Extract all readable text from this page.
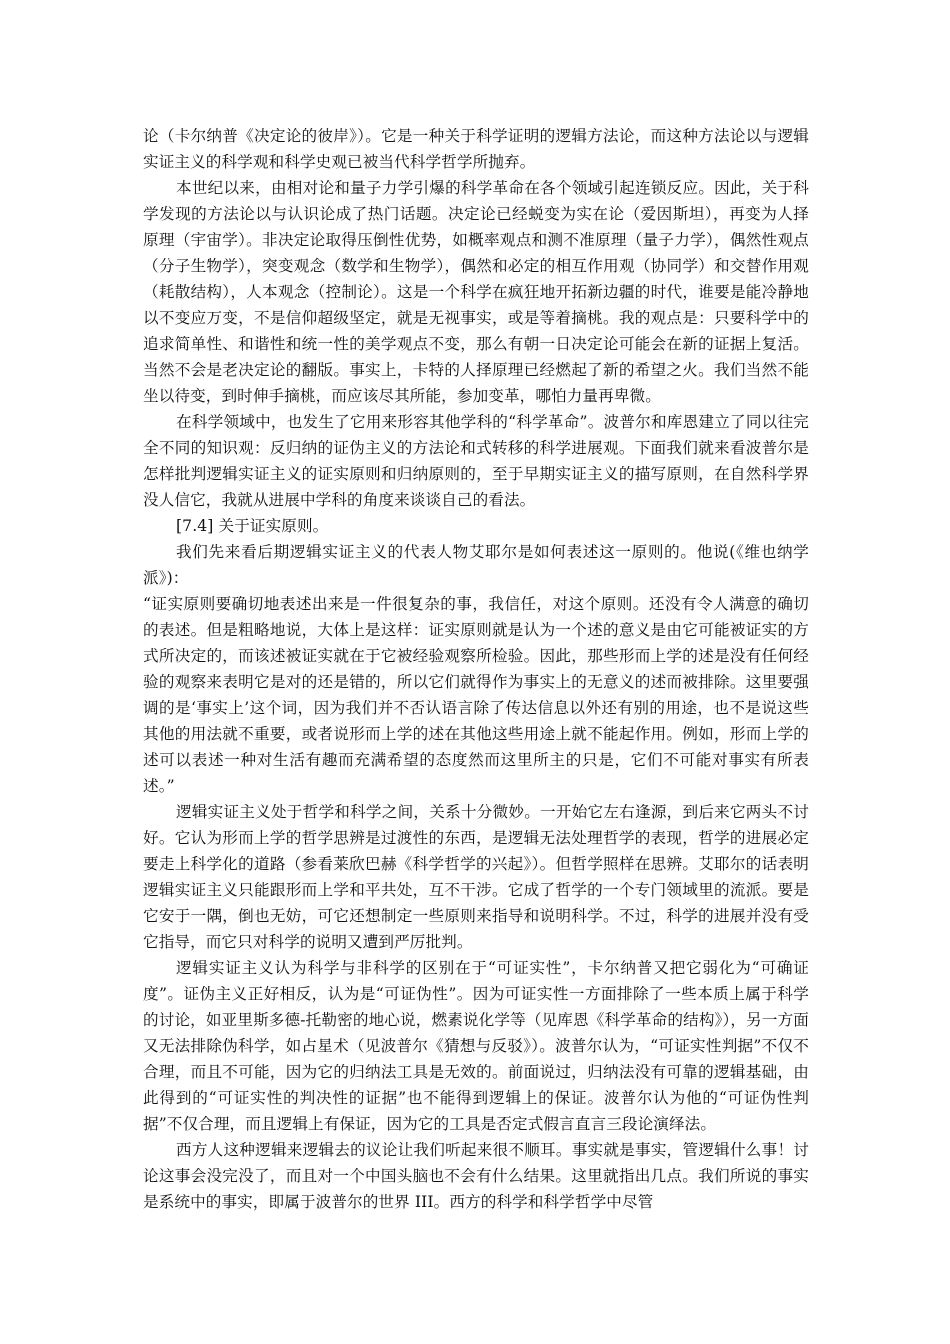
论（卡尔纳普《决定论的彼岸》）。它是一种关于科学证明的逻辑方法论，而这种方法论以与逻辑实证主义的科学观和科学史观已被当代科学哲学所抛弃。

本世纪以来，由相对论和量子力学引爆的科学革命在各个领域引起连锁反应。因此，关于科学发现的方法论以与认识论成了热门话题。决定论已经蜕变为实在论（爱因斯坦），再变为人择原理（宇宙学）。非决定论取得压倒性优势，如概率观点和测不准原理（量子力学），偶然性观点（分子生物学），突变观念（数学和生物学），偶然和必定的相互作用观（协同学）和交替作用观（耗散结构），人本观念（控制论）。这是一个科学在疯狂地开拓新边疆的时代，谁要是能冷静地以不变应万变，不是信仰超级坚定，就是无视事实，或是等着摘桃。我的观点是：只要科学中的追求简单性、和谐性和统一性的美学观点不变，那么有朝一日决定论可能会在新的证据上复活。当然不会是老决定论的翻版。事实上，卡特的人择原理已经燃起了新的希望之火。我们当然不能坐以待变，到时伸手摘桃，而应该尽其所能，参加变革，哪怕力量再卑微。

在科学领域中，也发生了它用来形容其他学科的“科学革命”。波普尔和库恩建立了同以往完全不同的知识观：反归纳的证伪主义的方法论和式转移的科学进展观。下面我们就来看波普尔是怎样批判逻辑实证主义的证实原则和归纳原则的，至于早期实证主义的描写原则，在自然科学界没人信它，我就从进展中学科的角度来谈谈自己的看法。

[7.4] 关于证实原则。

我们先来看后期逻辑实证主义的代表人物艾耶尔是如何表述这一原则的。他说(《维也纳学派》)：

“证实原则要确切地表述出来是一件很复杂的事，我信任，对这个原则。还没有令人满意的确切的表述。但是粗略地说，大体上是这样：证实原则就是认为一个述的意义是由它可能被证实的方式所决定的，而该述被证实就在于它被经验观察所检验。因此，那些形而上学的述是没有任何经验的观察来表明它是对的还是错的，所以它们就得作为事实上的无意义的述而被排除。这里要强调的是‘事实上’这个词，因为我们并不否认语言除了传达信息以外还有别的用途，也不是说这些其他的用法就不重要，或者说形而上学的述在其他这些用途上就不能起作用。例如，形而上学的述可以表述一种对生活有趣而充满希望的态度然而这里所主的只是，它们不可能对事实有所表述。”

逻辑实证主义处于哲学和科学之间，关系十分微妙。一开始它左右逢源，到后来它两头不讨好。它认为形而上学的哲学思辨是过渡性的东西，是逻辑无法处理哲学的表现，哲学的进展必定要走上科学化的道路（参看莱欣巴赫《科学哲学的兴起》）。但哲学照样在思辨。艾耶尔的话表明逻辑实证主义只能跟形而上学和平共处，互不干涉。它成了哲学的一个专门领域里的流派。要是它安于一隅，倒也无妨，可它还想制定一些原则来指导和说明科学。不过，科学的进展并没有受它指导，而它只对科学的说明又遭到严厉批判。

逻辑实证主义认为科学与非科学的区别在于“可证实性”，卡尔纳普又把它弱化为“可确证度”。证伪主义正好相反，认为是“可证伪性”。因为可证实性一方面排除了一些本质上属于科学的讨论，如亚里斯多德-托勒密的地心说，燃素说化学等（见库恩《科学革命的结构》），另一方面又无法排除伪科学，如占星术（见波普尔《猜想与反驳》）。波普尔认为，“可证实性判据”不仅不合理，而且不可能，因为它的归纳法工具是无效的。前面说过，归纳法没有可靠的逻辑基础，由此得到的“可证实性的判决性的证据”也不能得到逻辑上的保证。波普尔认为他的“可证伪性判据”不仅合理，而且逻辑上有保证，因为它的工具是否定式假言直言三段论演绎法。

西方人这种逻辑来逻辑去的议论让我们听起来很不顺耳。事实就是事实，管逻辑什么事！讨论这事会没完没了，而且对一个中国头脑也不会有什么结果。这里就指出几点。我们所说的事实是系统中的事实，即属于波普尔的世界 III。西方的科学和科学哲学中尽管
